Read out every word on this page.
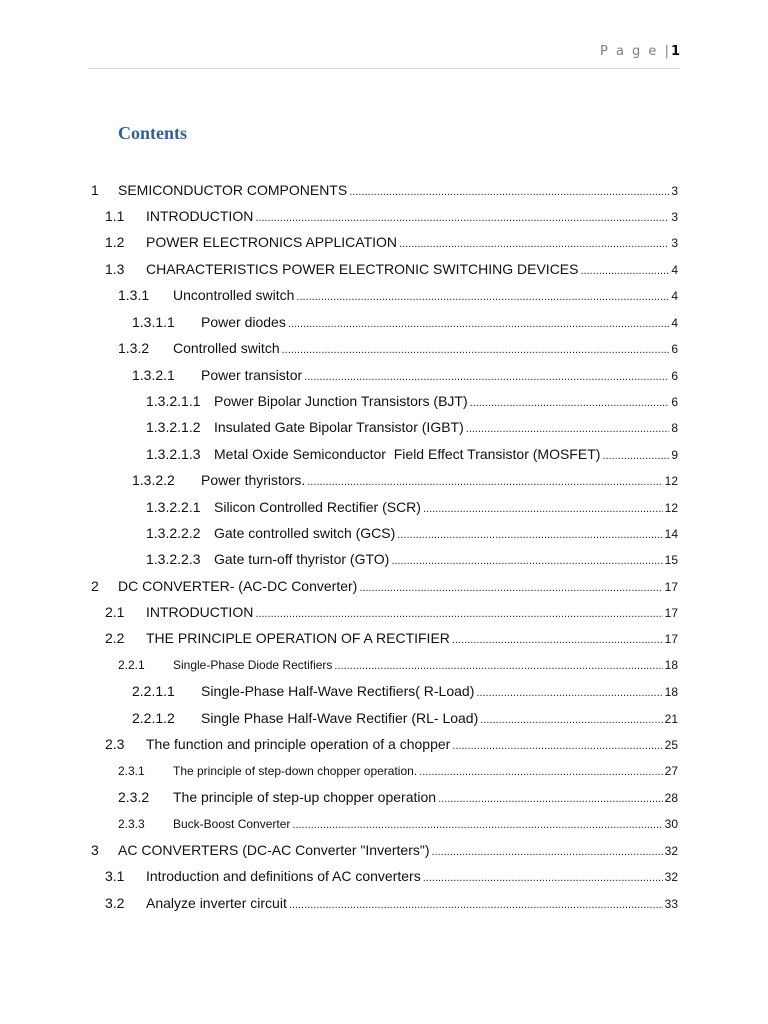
P a g e |1
Contents
1	SEMICONDUCTOR COMPONENTS .....	3
1.1	INTRODUCTION .....	3
1.2	POWER ELECTRONICS APPLICATION .....	3
1.3	CHARACTERISTICS POWER ELECTRONIC SWITCHING DEVICES .....	4
1.3.1	Uncontrolled switch .....	4
1.3.1.1	Power diodes .....	4
1.3.2	Controlled switch .....	6
1.3.2.1	Power transistor .....	6
1.3.2.1.1 Power Bipolar Junction Transistors (BJT) .....	6
1.3.2.1.2 Insulated Gate Bipolar Transistor (IGBT) .....	8
1.3.2.1.3 Metal Oxide Semiconductor  Field Effect Transistor (MOSFET) .....	9
1.3.2.2	Power thyristors. .....	12
1.3.2.2.1 Silicon Controlled Rectifier (SCR) .....	12
1.3.2.2.2 Gate controlled switch (GCS) .....	14
1.3.2.2.3 Gate turn-off thyristor (GTO) .....	15
2	DC CONVERTER- (AC-DC Converter) .....	17
2.1	INTRODUCTION .....	17
2.2	THE PRINCIPLE OPERATION OF A RECTIFIER .....	17
2.2.1	Single-Phase Diode Rectifiers .....	18
2.2.1.1	Single-Phase Half-Wave Rectifiers( R-Load) .....	18
2.2.1.2	Single Phase Half-Wave Rectifier (RL- Load) .....	21
2.3	The function and principle operation of a chopper .....	25
2.3.1	The principle of step-down chopper operation. .....	27
2.3.2	The principle of step-up chopper operation .....	28
2.3.3	Buck-Boost Converter .....	30
3	AC CONVERTERS (DC-AC Converter "Inverters") .....	32
3.1	Introduction and definitions of AC converters .....	32
3.2	Analyze inverter circuit .....	33
